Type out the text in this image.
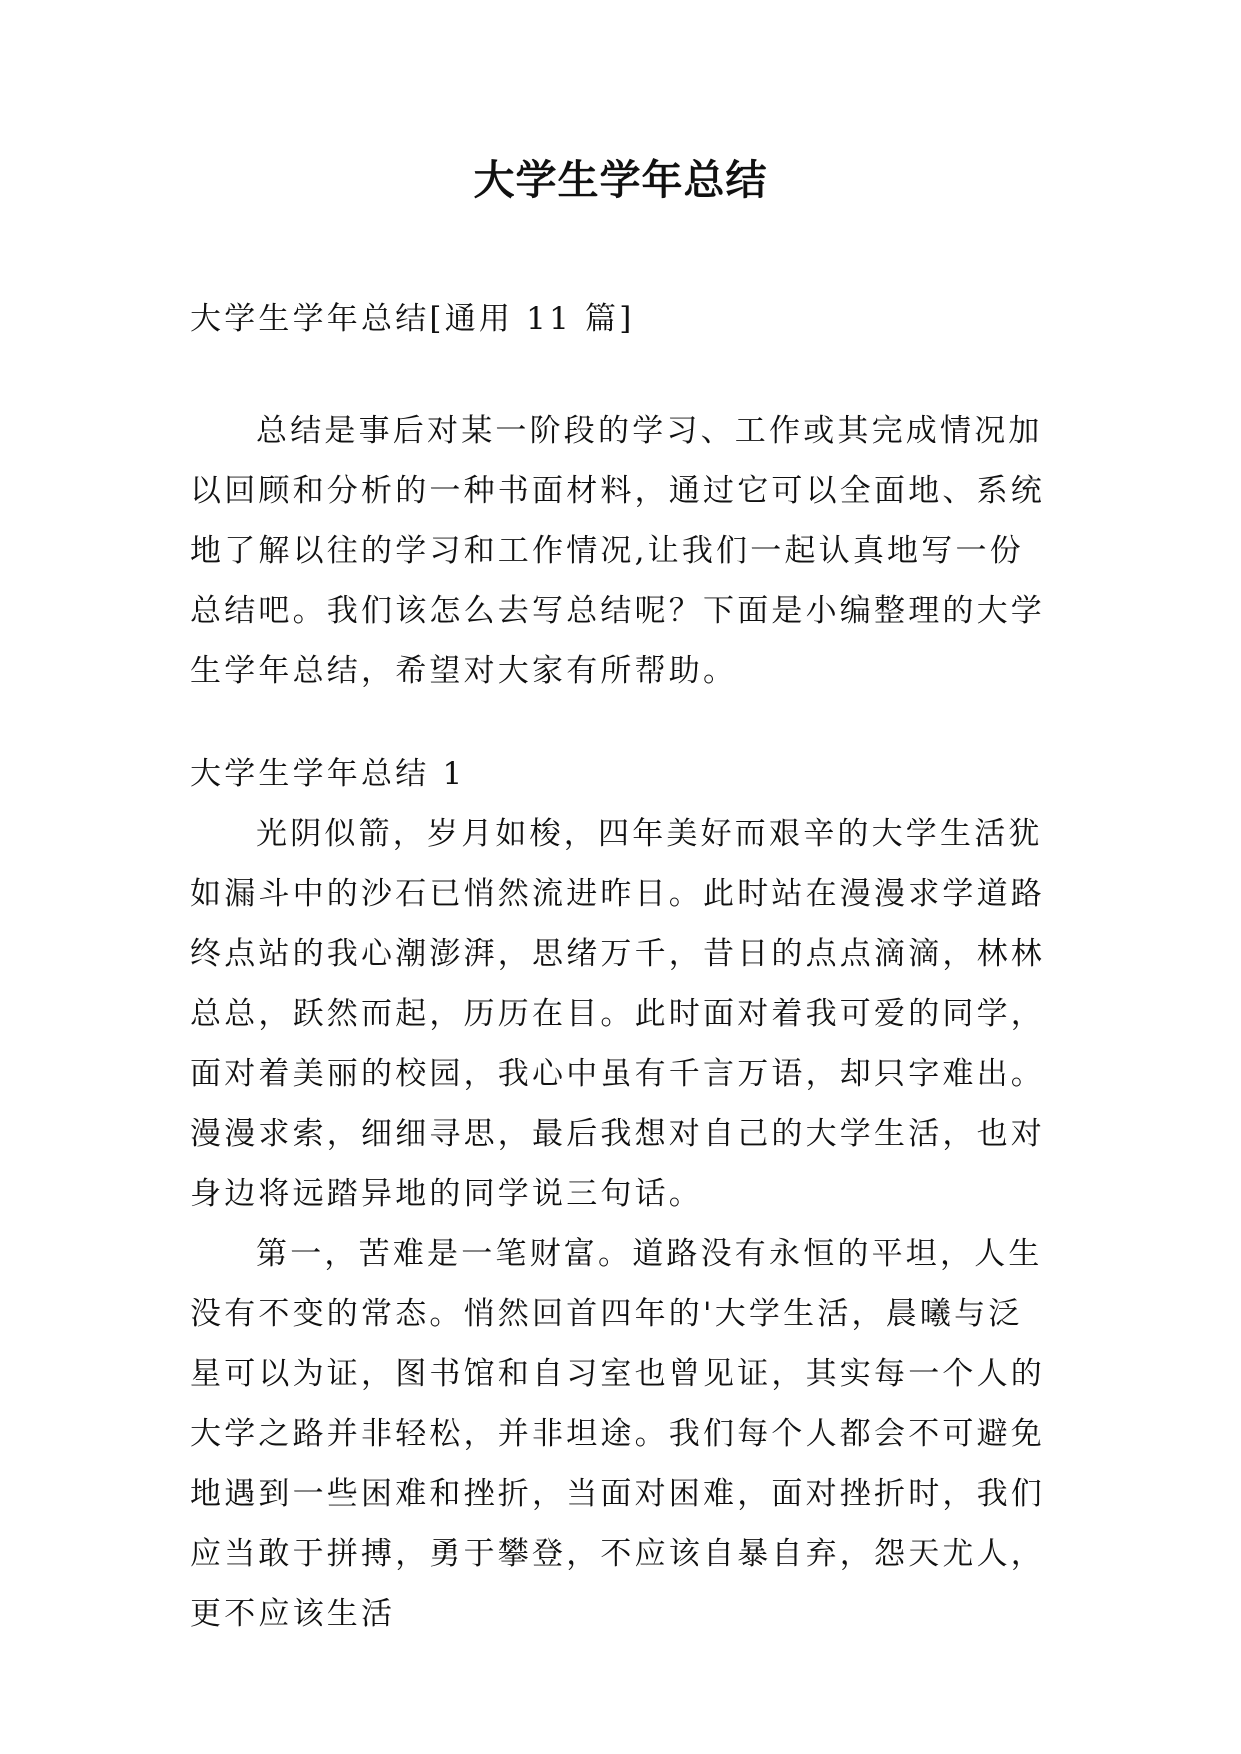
大学生学年总结

大学生学年总结[通用 11 篇]

总结是事后对某一阶段的学习、工作或其完成情况加以回顾和分析的一种书面材料，通过它可以全面地、系统地了解以往的学习和工作情况,让我们一起认真地写一份总结吧。我们该怎么去写总结呢？下面是小编整理的大学生学年总结，希望对大家有所帮助。

大学生学年总结 1

光阴似箭，岁月如梭，四年美好而艰辛的大学生活犹如漏斗中的沙石已悄然流进昨日。此时站在漫漫求学道路终点站的我心潮澎湃，思绪万千，昔日的点点滴滴，林林总总，跃然而起，历历在目。此时面对着我可爱的同学，面对着美丽的校园，我心中虽有千言万语，却只字难出。漫漫求索，细细寻思，最后我想对自己的大学生活，也对身边将远踏异地的同学说三句话。

第一，苦难是一笔财富。道路没有永恒的平坦，人生没有不变的常态。悄然回首四年的'大学生活，晨曦与泛星可以为证，图书馆和自习室也曾见证，其实每一个人的大学之路并非轻松，并非坦途。我们每个人都会不可避免地遇到一些困难和挫折，当面对困难，面对挫折时，我们应当敢于拼搏，勇于攀登，不应该自暴自弃，怨天尤人，更不应该生活
